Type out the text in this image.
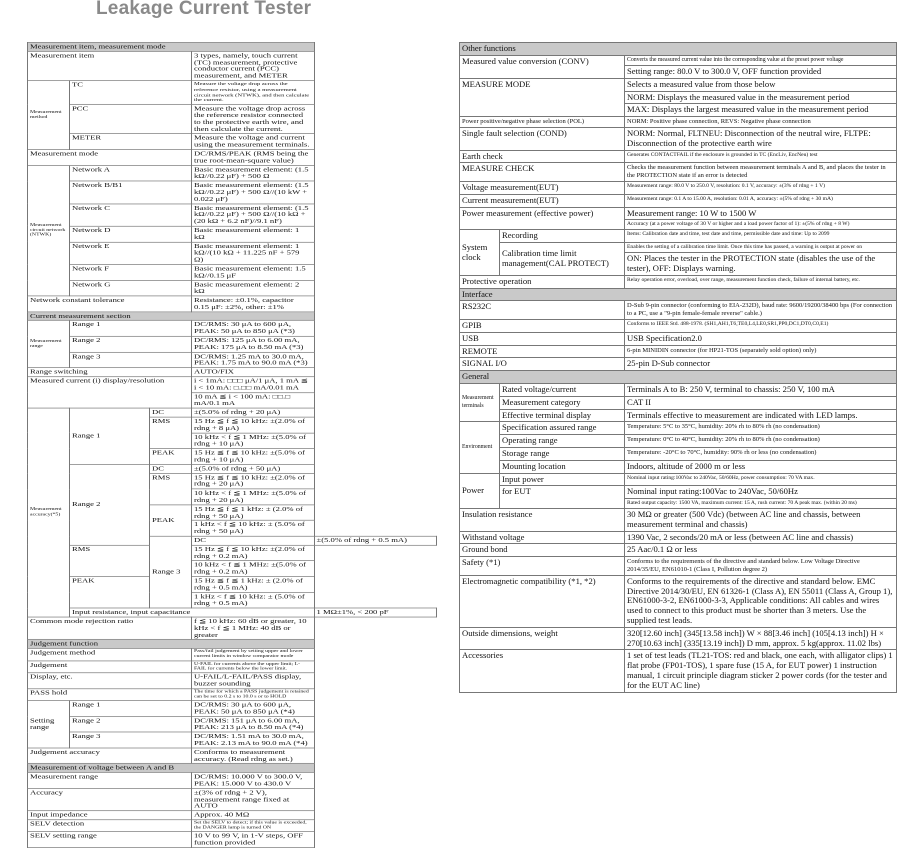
Leakage Current Tester
Measurement item, measurement mode				
Measurement item			3 types, namely, touch current (TC) measurement, protective conductor current (PCC) measurement, and METER	
Measurement method	TC		Measure the voltage drop across the reference resistor, using a measurement circuit network (NTWK), and then calculate the current.	
	PCC		Measure the voltage drop across the reference resistor connected to the protective earth wire, and then calculate the current.	
	METER		Measure the voltage and current using the measurement terminals.	
Measurement mode			DC/RMS/PEAK (RMS being the true root-mean-square value)	
Measurement circuit network (NTWK)	Network A		Basic measurement element: (1.5 kΩ//0.22 μF) + 500 Ω	
	Network B/B1		Basic measurement element: (1.5 kΩ//0.22 μF) + 500 Ω//(10 kW + 0.022 μF)	
	Network C		Basic measurement element: (1.5 kΩ//0.22 μF) + 500 Ω//(10 kΩ + (20 kΩ + 6.2 nF)//9.1 nF)	
	Network D		Basic measurement element: 1 kΩ	
	Network E		Basic measurement element: 1 kΩ//(10 kΩ + 11.225 nF + 579 Ω)	
	Network F		Basic measurement element: 1.5 kΩ//0.15 μF	
	Network G		Basic measurement element: 2 kΩ	
Network constant tolerance			Resistance: ±0.1%, capacitor 0.15 μF: ±2%, other: ±1%	
Current measurement section				
Measurement range	Range 1		DC/RMS: 30 μA to 600 μA, PEAK: 50 μA to 850 μA (*3)	
	Range 2		DC/RMS: 125 μA to 6.00 mA, PEAK: 175 μA to 8.50 mA (*3)	
	Range 3		DC/RMS: 1.25 mA to 30.0 mA, PEAK: 1.75 mA to 90.0 mA (*3)	
Range switching			AUTO/FIX	
Measured current (i) display/resolution			i < 1mA: □□□ μA/1 μA, 1 mA ≦ i < 10 mA: □.□□ mA/0.01 mA	
			10 mA ≦ i < 100 mA: □□.□ mA/0.1 mA	
Measurement accuracy(*5)	Range 1	DC	±(5.0% of rdng + 20 μA)	
		RMS	15 Hz ≦ f ≦ 10 kHz: ±(2.0% of rdng + 8 μA)	
			10 kHz < f ≦ 1 MHz: ±(5.0% of rdng + 10 μA)	
		PEAK	15 Hz ≦ f ≦ 10 kHz: ±(5.0% of rdng + 10 μA)	
	Range 2	DC	±(5.0% of rdng + 50 μA)	
		RMS	15 Hz ≦ f ≦ 10 kHz: ±(2.0% of rdng + 20 μA)	
			10 kHz < f ≦ 1 MHz: ±(5.0% of rdng + 20 μA)	
		PEAK	15 Hz ≦ f ≦ 1 kHz: ± (2.0% of rdng + 50 μA)	
			1 kHz < f ≦ 10 kHz: ± (5.0% of rdng + 50 μA)	
		Range 3	DC	±(5.0% of rdng + 0.5 mA)
	RMS		15 Hz ≦ f ≦ 10 kHz: ±(2.0% of rdng + 0.2 mA)	
			10 kHz < f ≦ 1 MHz: ±(5.0% of rdng + 0.2 mA)	
	PEAK		15 Hz ≦ f ≦ 1 kHz: ± (2.0% of rdng + 0.5 mA)	
			1 kHz < f ≦ 10 kHz: ± (5.0% of rdng + 0.5 mA)	
	Input resistance, input capacitance			1 MΩ±1%, < 200 pF
Common mode rejection ratio			f ≦ 10 kHz: 60 dB or greater, 10 kHz < f ≦ 1 MHz: 40 dB or greater	
Judgement function				
Judgement method			Pass/fail judgement by setting upper and lower current limits in window comparator mode	
Judgement			U-FAIL for currents above the upper limit; L-FAIL for currents below the lower limit.	
Display, etc.			U-FAIL/L-FAIL/PASS display, buzzer sounding	
PASS hold			The time for which a PASS judgement is retained can be set to 0.2 s to 10.0 s or to HOLD	
Setting range	Range 1		DC/RMS: 30 μA to 600 μA, PEAK: 50 μA to 850 μA (*4)	
	Range 2		DC/RMS: 151 μA to 6.00 mA, PEAK: 213 μA to 8.50 mA (*4)	
	Range 3		DC/RMS: 1.51 mA to 30.0 mA, PEAK: 2.13 mA to 90.0 mA (*4)	
Judgement accuracy			Conforms to measurement accuracy. (Read rdng as set.)	
Measurement of voltage between A and B				
Measurement range			DC/RMS: 10.000 V to 300.0 V, PEAK: 15.000 V to 430.0 V	
Accuracy			±(3% of rdng + 2 V), measurement range fixed at AUTO	
Input impedance			Approx. 40 MΩ	
SELV detection			Set the SELV to detect; if this value is exceeded, the DANGER lamp is turned ON	
SELV setting range			10 V to 99 V, in 1-V steps, OFF function provided	
Other functions		
Measured value conversion (CONV)		Converts the measured current value into the corresponding value at the preset power voltage
		Setting range: 80.0 V to 300.0 V, OFF function provided
MEASURE MODE		Selects a measured value from those below
		NORM: Displays the measured value in the measurement period
		MAX: Displays the largest measured value in the measurement period
Power positive/negative phase selection (POL)		NORM: Positive phase connection, REVS: Negative phase connection
Single fault selection (COND)		NORM: Normal, FLTNEU: Disconnection of the neutral wire, FLTPE: Disconnection of the protective earth wire
Earth check		Generates CONTACTFAIL if the enclosure is grounded in TC (EncLiv, EncNeu) test
MEASURE CHECK		Checks the measurement function between measurement terminals A and B, and places the tester in the PROTECTION state if an error is detected
Voltage measurement(EUT)		Measurement range: 80.0 V to 250.0 V, resolution: 0.1 V, accuracy: ±(3% of rdng + 1 V)
Current measurement(EUT)		Measurement range: 0.1 A to 15.00 A, resolution: 0.01 A, accuracy: ±(5% of rdng + 30 mA)
Power measurement (effective power)		Measurement range: 10 W to 1500 W
		Accuracy (at a power voltage of 30 V or higher and a load power factor of 1): ±(5% of rdng + 8 W)
System clock	Recording	Items: Calibration date and time, test date and time, permissible date and time: Up to 2099
	Calibration time limit management(CAL PROTECT)	Enables the setting of a calibration time limit. Once this time has passed, a warning is output at power on
		ON: Places the tester in the PROTECTION state (disables the use of the tester), OFF: Displays warning.
Protective operation		Relay operation error, overload, over range, measurement function check, failure of internal battery, etc.
Interface		
RS232C		D-Sub 9-pin connector (conforming to EIA-232D), baud rate: 9600/19200/38400 bps (For connection to a PC, use a "9-pin female-female reverse" cable.)
GPIB		Conforms to IEEE Std. 488-1978. (SH1,AH1,T6,TE0,L4,LE0,SR1,PP0,DC1,DT0,C0,E1)
USB		USB Specification2.0
REMOTE		6-pin MINIDIN connector (for HP21-TOS (separately sold option) only)
SIGNAL I/O		25-pin D-Sub connector
General		
Measurement terminals	Rated voltage/current	Terminals A to B: 250 V, terminal to chassis: 250 V, 100 mA
	Measurement category	CAT II
	Effective terminal display	Terminals effective to measurement are indicated with LED lamps.
Environment	Specification assured range	Temperature: 5°C to 35°C, humidity: 20% rh to 80% rh (no condensation)
	Operating range	Temperature: 0°C to 40°C, humidity: 20% rh to 80% rh (no condensation)
	Storage range	Temperature: -20°C to 70°C, humidity: 90% rh or less (no condensation)
	Mounting location	Indoors, altitude of 2000 m or less
Power	Input power	Nominal input rating:100Vac to 240Vac, 50/60Hz, power consumption: 70 VA max.
	for EUT	Nominal input rating:100Vac to 240Vac, 50/60Hz
		Rated output capacity: 1500 VA, maximum current: 15 A, rush current: 70 A peak max. (within 20 ms)
Insulation resistance		30 MΩ or greater (500 Vdc) (between AC line and chassis, between measurement terminal and chassis)
Withstand voltage		1390 Vac, 2 seconds/20 mA or less (between AC line and chassis)
Ground bond		25 Aac/0.1 Ω or less
Safety (*1)		Conforms to the requirements of the directive and standard below. Low Voltage Directive 2014/35/EU, EN61010-1 (Class I, Pollution degree 2)
Electromagnetic compatibility (*1, *2)		Conforms to the requirements of the directive and standard below. EMC Directive 2014/30/EU, EN 61326-1 (Class A), EN 55011 (Class A, Group 1), EN61000-3-2, EN61000-3-3, Applicable conditions: All cables and wires used to connect to this product must be shorter than 3 meters. Use the supplied test leads.
Outside dimensions, weight		320[12.60 inch] (345[13.58 inch]) W × 88[3.46 inch] (105[4.13 inch]) H × 270[10.63 inch] (335[13.19 inch]) D mm, approx. 5 kg(approx. 11.02 lbs)
Accessories		1 set of test leads (TL21-TOS: red and black, one each, with alligator clips) 1 flat probe (FP01-TOS), 1 spare fuse (15 A, for EUT power) 1 instruction manual, 1 circuit principle diagram sticker 2 power cords (for the tester and for the EUT AC line)
